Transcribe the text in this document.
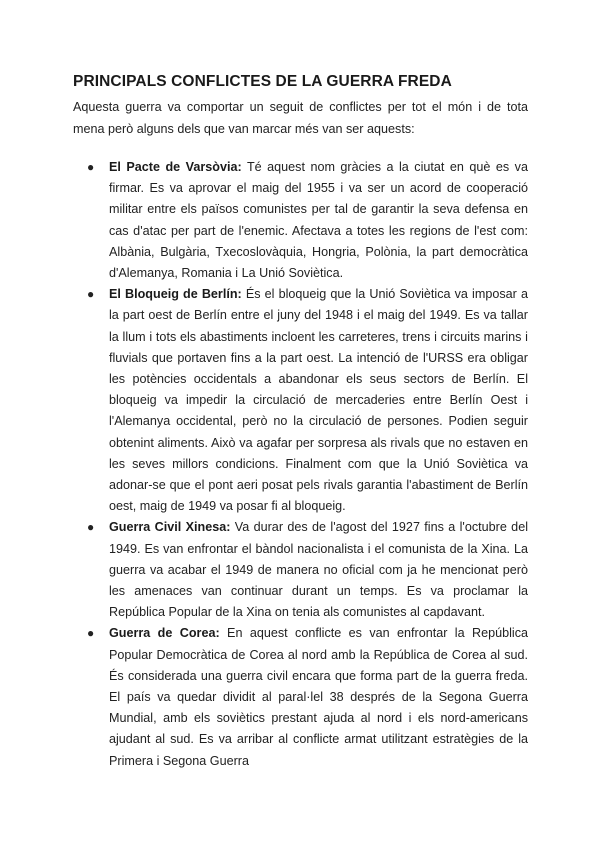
PRINCIPALS CONFLICTES DE LA GUERRA FREDA
Aquesta guerra va comportar un seguit de conflictes per tot el món i de tota mena però alguns dels que van marcar més van ser aquests:
● El Pacte de Varsòvia: Té aquest nom gràcies a la ciutat en què es va firmar. Es va aprovar el maig del 1955 i va ser un acord de cooperació militar entre els països comunistes per tal de garantir la seva defensa en cas d'atac per part de l'enemic. Afectava a totes les regions de l'est com: Albània, Bulgària, Txecoslovàquia, Hongria, Polònia, la part democràtica d'Alemanya, Romania i La Unió Soviètica.
● El Bloqueig de Berlín: És el bloqueig que la Unió Soviètica va imposar a la part oest de Berlín entre el juny del 1948 i el maig del 1949. Es va tallar la llum i tots els abastiments incloent les carreteres, trens i circuits marins i fluvials que portaven fins a la part oest. La intenció de l'URSS era obligar les potències occidentals a abandonar els seus sectors de Berlín. El bloqueig va impedir la circulació de mercaderies entre Berlín Oest i l'Alemanya occidental, però no la circulació de persones. Podien seguir obtenint aliments. Això va agafar per sorpresa als rivals que no estaven en les seves millors condicions. Finalment com que la Unió Soviètica va adonar-se que el pont aeri posat pels rivals garantia l'abastiment de Berlín oest, maig de 1949 va posar fi al bloqueig.
● Guerra Civil Xinesa: Va durar des de l'agost del 1927 fins a l'octubre del 1949. Es van enfrontar el bàndol nacionalista i el comunista de la Xina. La guerra va acabar el 1949 de manera no oficial com ja he mencionat però les amenaces van continuar durant un temps. Es va proclamar la República Popular de la Xina on tenia als comunistes al capdavant.
● Guerra de Corea: En aquest conflicte es van enfrontar la República Popular Democràtica de Corea al nord amb la República de Corea al sud. És considerada una guerra civil encara que forma part de la guerra freda. El país va quedar dividit al paral·lel 38 després de la Segona Guerra Mundial, amb els soviètics prestant ajuda al nord i els nord-americans ajudant al sud. Es va arribar al conflicte armat utilitzant estratègies de la Primera i Segona Guerra
